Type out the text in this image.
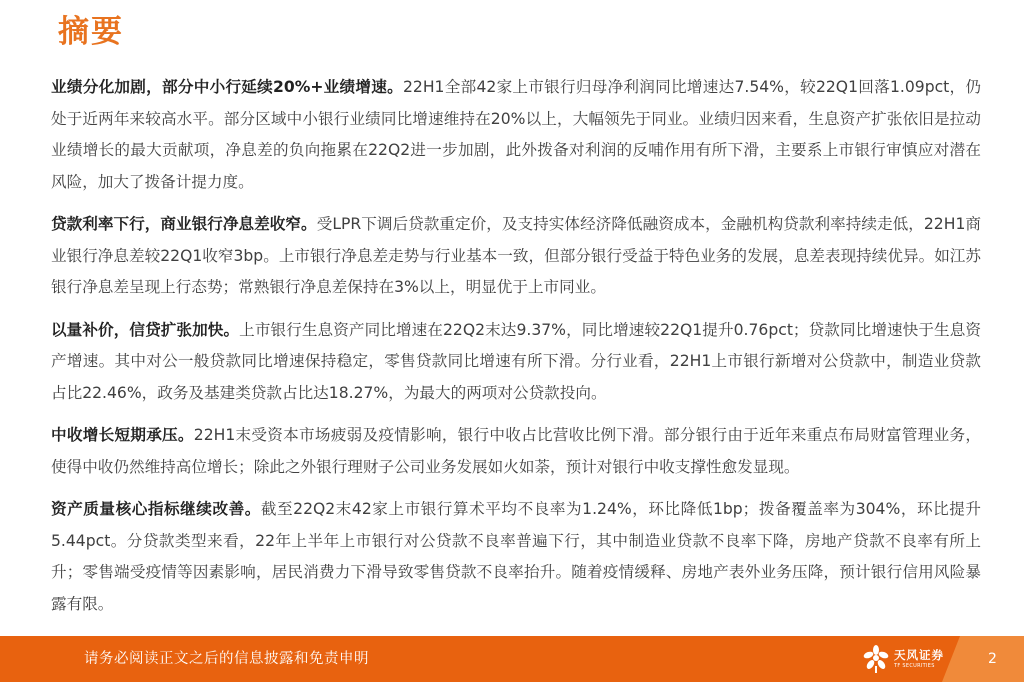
摘要

业绩分化加剧，部分中小行延续20%+业绩增速。22H1全部42家上市银行归母净利润同比增速达7.54%，较22Q1回落1.09pct，仍处于近两年来较高水平。部分区域中小银行业绩同比增速维持在20%以上，大幅领先于同业。业绩归因来看，生息资产扩张依旧是拉动业绩增长的最大贡献项，净息差的负向拖累在22Q2进一步加剧，此外拨备对利润的反哺作用有所下滑，主要系上市银行审慎应对潜在风险，加大了拨备计提力度。

贷款利率下行，商业银行净息差收窄。受LPR下调后贷款重定价，及支持实体经济降低融资成本，金融机构贷款利率持续走低，22H1商业银行净息差较22Q1收窄3bp。上市银行净息差走势与行业基本一致，但部分银行受益于特色业务的发展，息差表现持续优异。如江苏银行净息差呈现上行态势；常熟银行净息差保持在3%以上，明显优于上市同业。

以量补价，信贷扩张加快。上市银行生息资产同比增速在22Q2末达9.37%，同比增速较22Q1提升0.76pct；贷款同比增速快于生息资产增速。其中对公一般贷款同比增速保持稳定，零售贷款同比增速有所下滑。分行业看，22H1上市银行新增对公贷款中，制造业贷款占比22.46%，政务及基建类贷款占比达18.27%，为最大的两项对公贷款投向。

中收增长短期承压。22H1末受资本市场疲弱及疫情影响，银行中收占比营收比例下滑。部分银行由于近年来重点布局财富管理业务，使得中收仍然维持高位增长；除此之外银行理财子公司业务发展如火如荼，预计对银行中收支撑性愈发显现。

资产质量核心指标继续改善。截至22Q2末42家上市银行算术平均不良率为1.24%，环比降低1bp；拨备覆盖率为304%，环比提升5.44pct。分贷款类型来看，22年上半年上市银行对公贷款不良率普遍下行，其中制造业贷款不良率下降，房地产贷款不良率有所上升；零售端受疫情等因素影响，居民消费力下滑导致零售贷款不良率抬升。随着疫情缓释、房地产表外业务压降，预计银行信用风险暴露有限。

请务必阅读正文之后的信息披露和免责申明	天风证券
TF SECURITIES	2
